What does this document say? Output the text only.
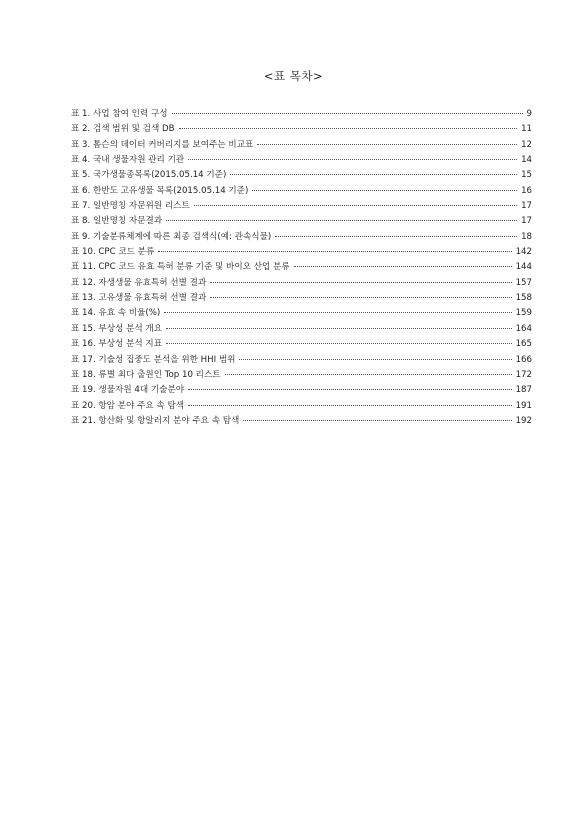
<표 목차>
표 1. 사업 참여 인력 구성	9
표 2. 검색 범위 및 검색 DB	11
표 3. 톰슨의 데이터 커버리지를 보여주는 비교표	12
표 4. 국내 생물자원 관리 기관	14
표 5. 국가생물종목록(2015.05.14 기준)	15
표 6. 한반도 고유생물 목록(2015.05.14 기준)	16
표 7. 일반명칭 자문위원 리스트	17
표 8. 일반명칭 자문결과	17
표 9. 기술분류체계에 따른 최종 검색식(예: 관속식물)	18
표 10. CPC 코드 분류	142
표 11. CPC 코드 유효 특허 분류 기준 및 바이오 산업 분류	144
표 12. 자생생물 유효특허 선별 결과	157
표 13. 고유생물 유효특허 선별 결과	158
표 14. 유효 속 비율(%)	159
표 15. 부상성 분석 개요	164
표 16. 부상성 분석 지표	165
표 17. 기술성 집중도 분석을 위한 HHI 범위	166
표 18. 류별 최다 출원인 Top 10 리스트	172
표 19. 생물자원 4대 기술분야	187
표 20. 항암 분야 주요 속 탐색	191
표 21. 항산화 및 항알러지 분야 주요 속 탐색	192
